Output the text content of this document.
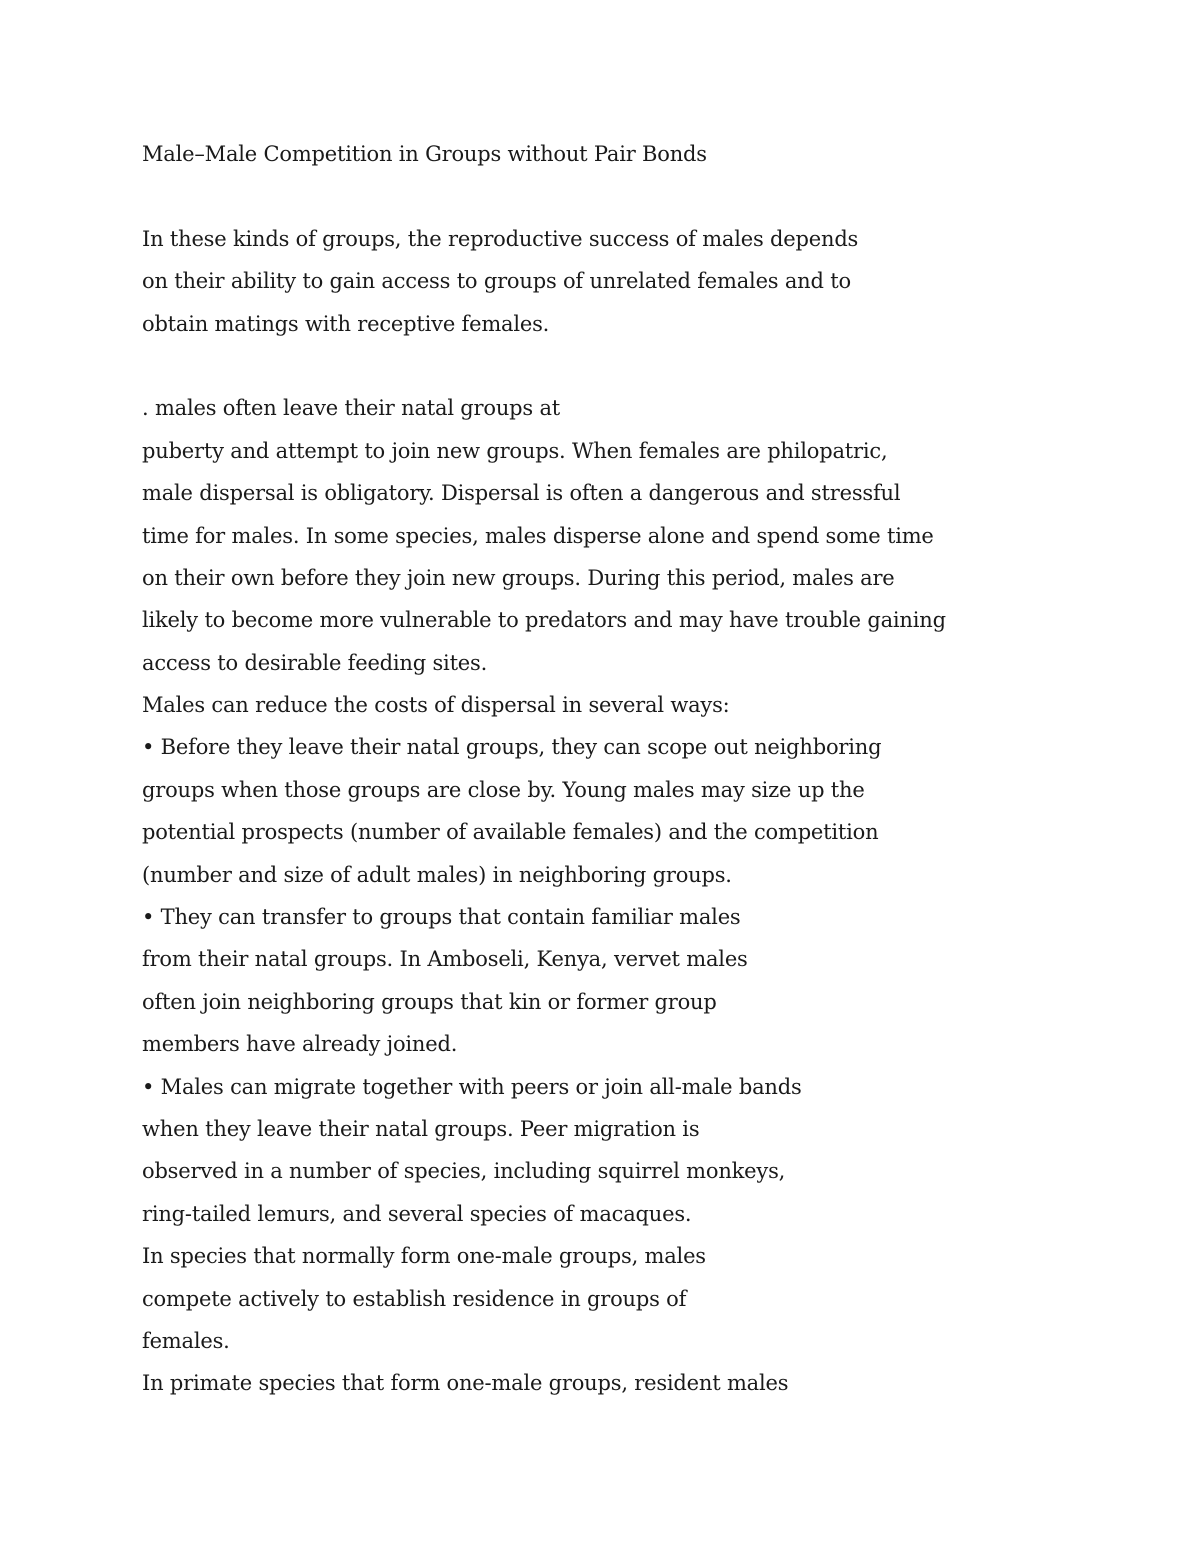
Male–Male Competition in Groups without Pair Bonds
In these kinds of groups, the reproductive success of males depends
on their ability to gain access to groups of unrelated females and to
obtain matings with receptive females.
. males often leave their natal groups at
puberty and attempt to join new groups. When females are philopatric,
male dispersal is obligatory. Dispersal is often a dangerous and stressful
time for males. In some species, males disperse alone and spend some time
on their own before they join new groups. During this period, males are
likely to become more vulnerable to predators and may have trouble gaining
access to desirable feeding sites.
Males can reduce the costs of dispersal in several ways:
• Before they leave their natal groups, they can scope out neighboring
groups when those groups are close by. Young males may size up the
potential prospects (number of available females) and the competition
(number and size of adult males) in neighboring groups.
• They can transfer to groups that contain familiar males
from their natal groups. In Amboseli, Kenya, vervet males
often join neighboring groups that kin or former group
members have already joined.
• Males can migrate together with peers or join all-male bands
when they leave their natal groups. Peer migration is
observed in a number of species, including squirrel monkeys,
ring-tailed lemurs, and several species of macaques.
In species that normally form one-male groups, males
compete actively to establish residence in groups of
females.
In primate species that form one-male groups, resident males
